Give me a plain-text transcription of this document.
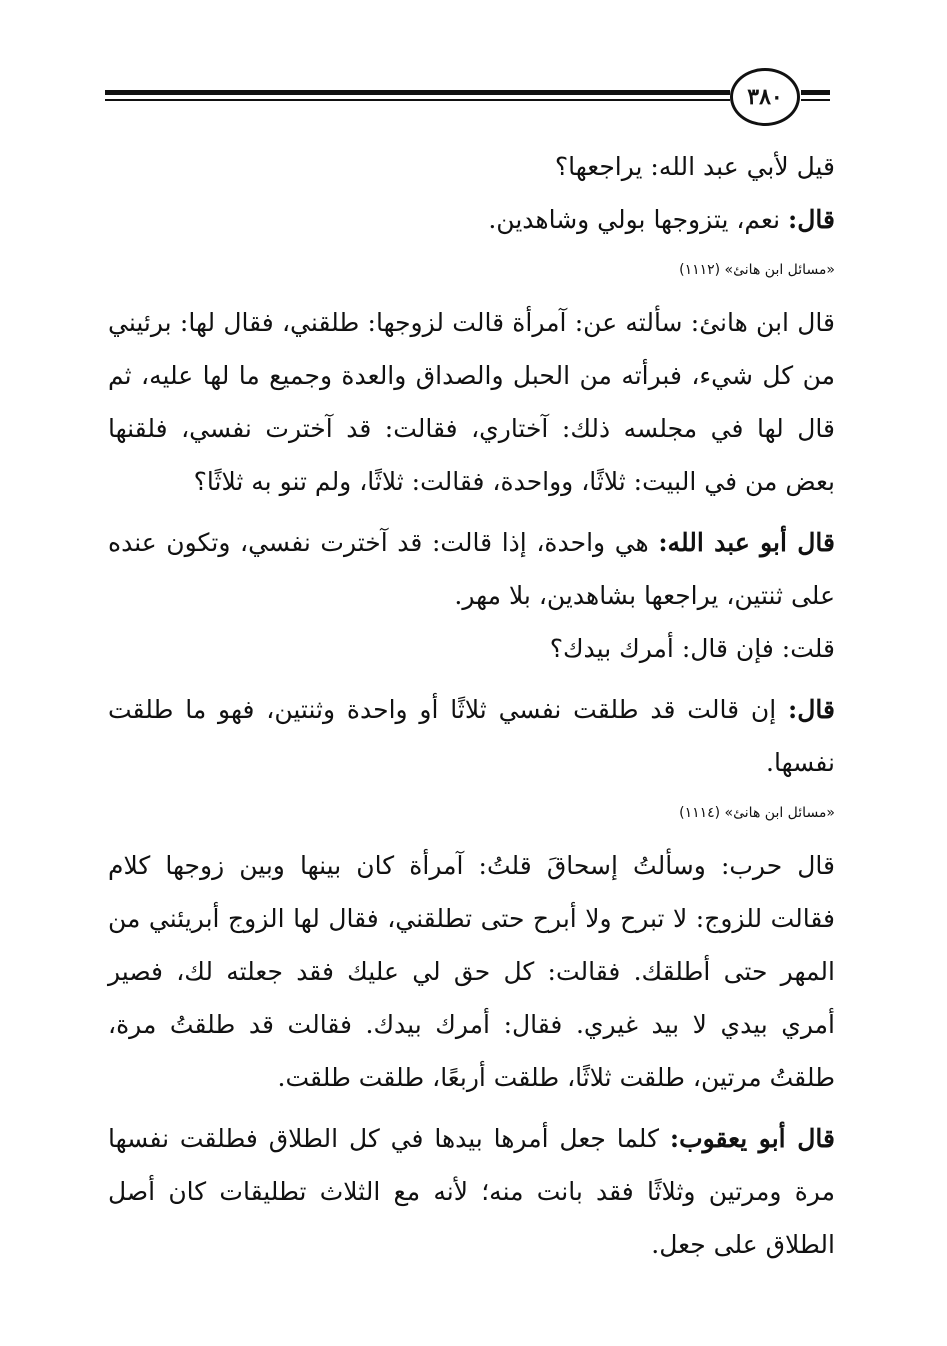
٣٨٠

قيل لأبي عبد الله: يراجعها؟

قال: نعم، يتزوجها بولي وشاهدين.

«مسائل ابن هانئ» (١١١٢)

قال ابن هانئ: سألته عن: آمرأة قالت لزوجها: طلقني، فقال لها: برئيني من كل شيء، فبرأته من الحبل والصداق والعدة وجميع ما لها عليه، ثم قال لها في مجلسه ذلك: آختاري، فقالت: قد آخترت نفسي، فلقنها بعض من في البيت: ثلاثًا، وواحدة، فقالت: ثلاثًا، ولم تنو به ثلاثًا؟

قال أبو عبد الله: هي واحدة، إذا قالت: قد آخترت نفسي، وتكون عنده على ثنتين، يراجعها بشاهدين، بلا مهر.

قلت: فإن قال: أمرك بيدك؟

قال: إن قالت قد طلقت نفسي ثلاثًا أو واحدة وثنتين، فهو ما طلقت نفسها.

«مسائل ابن هانئ» (١١١٤)

قال حرب: وسألتُ إسحاقَ قلتُ: آمرأة كان بينها وبين زوجها كلام فقالت للزوج: لا تبرح ولا أبرح حتى تطلقني، فقال لها الزوج أبريئني من المهر حتى أطلقك. فقالت: كل حق لي عليك فقد جعلته لك، فصير أمري بيدي لا بيد غيري. فقال: أمرك بيدك. فقالت قد طلقتُ مرة، طلقتُ مرتين، طلقت ثلاثًا، طلقت أربعًا، طلقت طلقت.

قال أبو يعقوب: كلما جعل أمرها بيدها في كل الطلاق فطلقت نفسها مرة ومرتين وثلاثًا فقد بانت منه؛ لأنه مع الثلاث تطليقات كان أصل الطلاق على جعل.
